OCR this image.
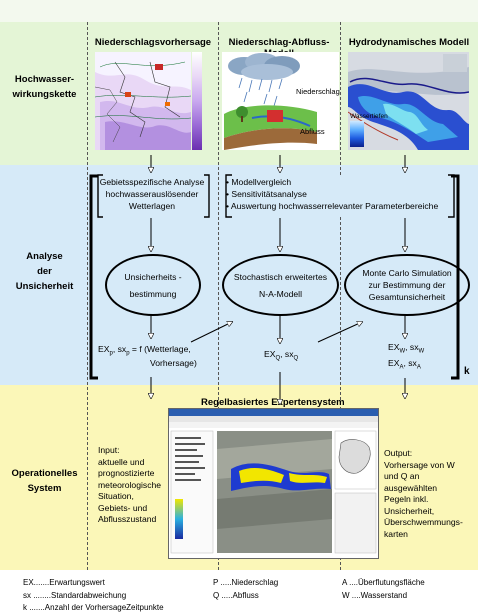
Hochwasser-
wirkungskette
Analyse
der
Unsicherheit
Operationelles
System
Niederschlagsvorhersage	Niederschlag-Abfluss-	Hydrodynamisches Modell
Niederschlag
Abfluss
Wassertiefen
Gebietsspezifische Analyse
hochwasserauslösender
Wetterlagen
• Modellvergleich
• Sensitivitätsanalyse
• Auswertung hochwasserrelevanter Parameterbereiche
Unsicherheits -
bestimmung
Stochastisch erweitertes
N-A-Modell
Monte Carlo Simulation
zur Bestimmung der
Gesamtunsicherheit
$EX_p$, $sx_p = f$ (Wetterlage,
Vorhersage)
$EX_Q$, $sx_Q$
$EX_W$, $sx_W$
$EX_A$, $sx_A$	k
Regelbasiertes Expertensystem
Input:
aktuelle und
prognostizierte
meteorologische
Situation,
Gebiets- und
Abflusszustand
Output:
Vorhersage von W
und Q an
ausgewählten
Pegeln inkl.
Unsicherheit,
Überschwemmungs-
karten
EX.......Erwartungswert
sx ........Standardabweichung
k .......Anzahl der VorhersageZeitpunkte
P .....Niederschlag
Q .....Abfluss
A ....Überflutungsfläche
W ....Wasserstand
